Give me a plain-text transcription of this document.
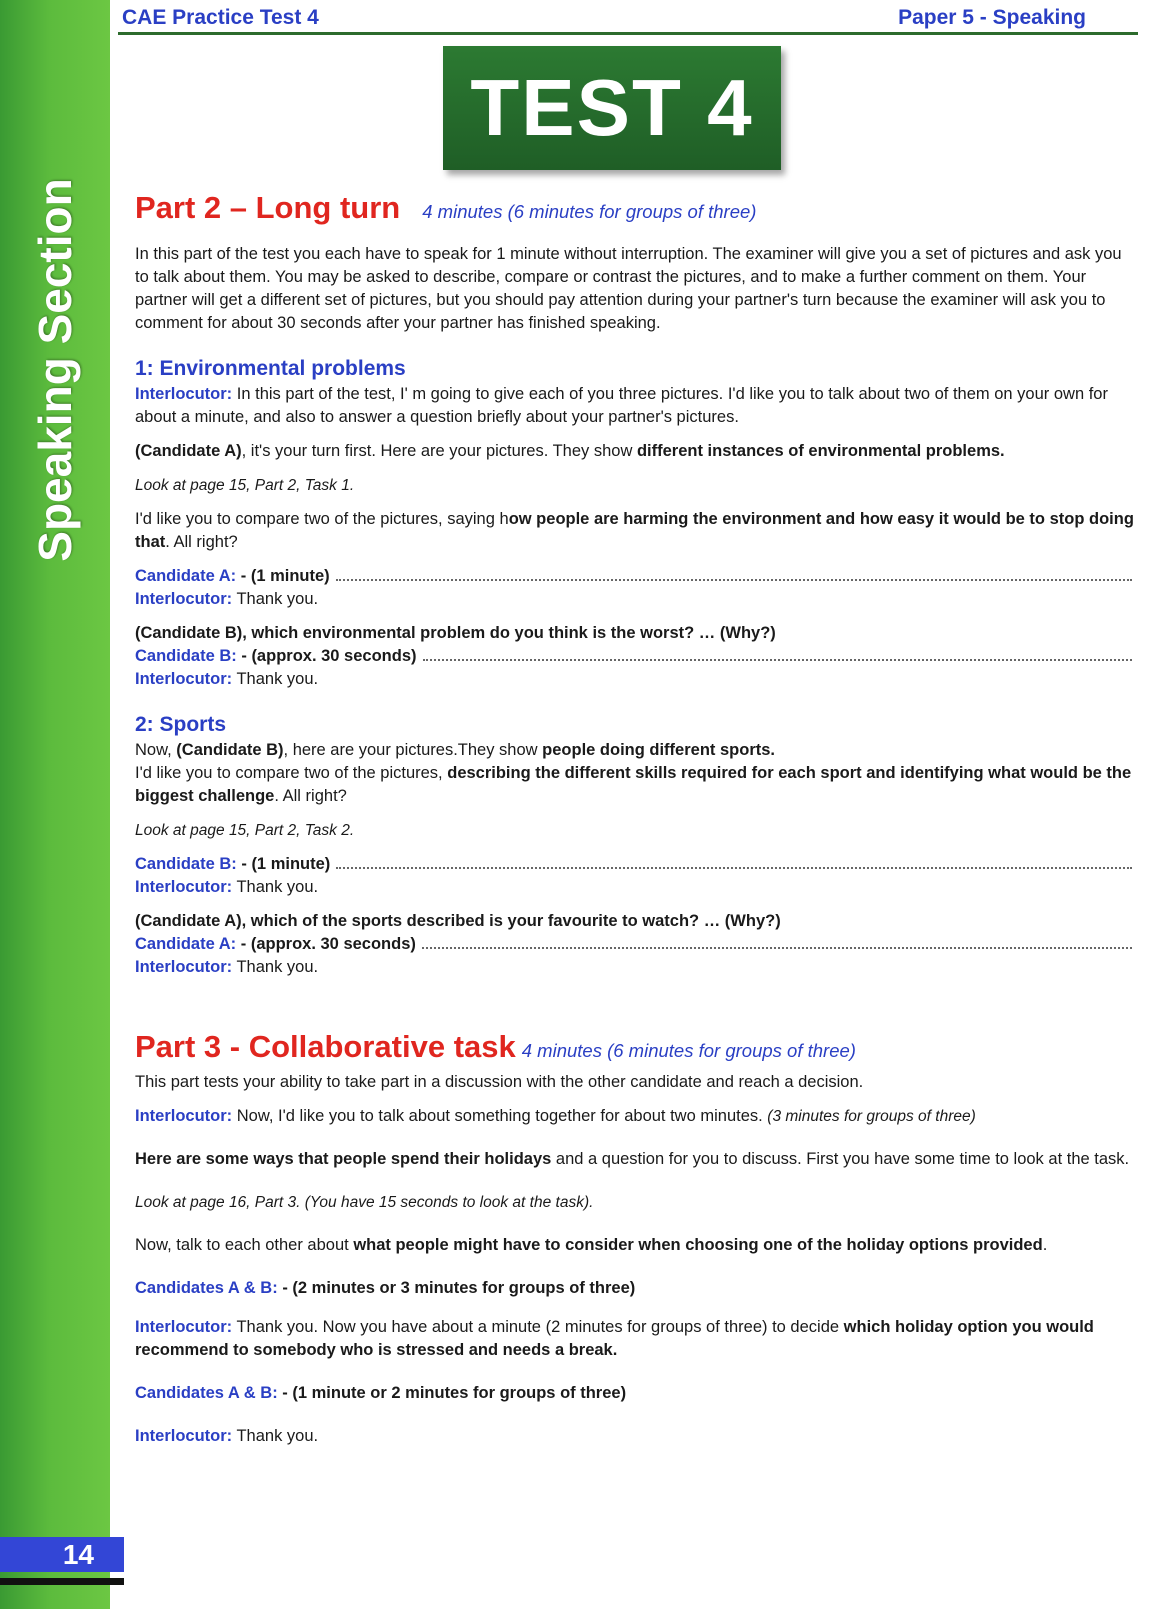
Speaking Section
14
CAE Practice Test 4	Paper 5 - Speaking
TEST 4
Part 2 – Long turn 4 minutes (6 minutes for groups of three)

In this part of the test you each have to speak for 1 minute without interruption. The examiner will give you a set of pictures and ask you to talk about them. You may be asked to describe, compare or contrast the pictures, and to make a further comment on them. Your partner will get a different set of pictures, but you should pay attention during your partner's turn because the examiner will ask you to comment for about 30 seconds after your partner has finished speaking.

1: Environmental problems

Interlocutor: In this part of the test, I' m going to give each of you three pictures. I'd like you to talk about two of them on your own for about a minute, and also to answer a question briefly about your partner's pictures.

(Candidate A), it's your turn first. Here are your pictures. They show different instances of environmental problems.

Look at page 15, Part 2, Task 1.

I'd like you to compare two of the pictures, saying how people are harming the environment and how easy it would be to stop doing that. All right?

Candidate A:
- (1 minute)

Interlocutor: Thank you.

(Candidate B), which environmental problem do you think is the worst? … (Why?)

Candidate B:
- (approx. 30 seconds)

Interlocutor: Thank you.

2: Sports

Now, (Candidate B), here are your pictures.They show people doing different sports.

I'd like you to compare two of the pictures, describing the different skills required for each sport and identifying what would be the biggest challenge. All right?

Look at page 15, Part 2, Task 2.

Candidate B:
- (1 minute)

Interlocutor: Thank you.

(Candidate A), which of the sports described is your favourite to watch? … (Why?)

Candidate A:
- (approx. 30 seconds)

Interlocutor: Thank you.

Part 3 - Collaborative task 4 minutes (6 minutes for groups of three)

This part tests your ability to take part in a discussion with the other candidate and reach a decision.

Interlocutor: Now, I'd like you to talk about something together for about two minutes. (3 minutes for groups of three)

Here are some ways that people spend their holidays and a question for you to discuss. First you have some time to look at the task.

Look at page 16, Part 3. (You have 15 seconds to look at the task).

Now, talk to each other about what people might have to consider when choosing one of the holiday options provided.

Candidates A & B: - (2 minutes or 3 minutes for groups of three)

Interlocutor: Thank you. Now you have about a minute (2 minutes for groups of three) to decide which holiday option you would recommend to somebody who is stressed and needs a break.

Candidates A & B: - (1 minute or 2 minutes for groups of three)

Interlocutor: Thank you.
